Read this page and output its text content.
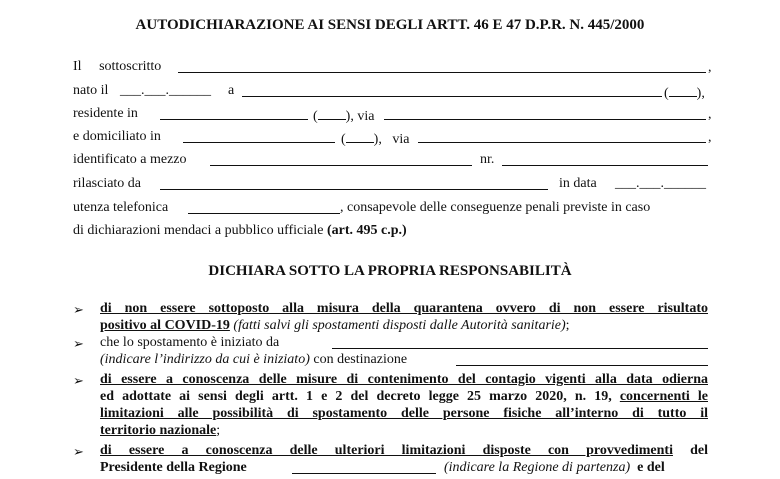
AUTODICHIARAZIONE AI SENSI DEGLI ARTT. 46 E 47 D.P.R. N. 445/2000
Il sottoscritto	,
nato il ___.___.______ a	( ),
residente in	( ), via	,
e domiciliato in	( ), via	,
identificato a mezzo	nr.
rilasciato da	in data ___.___.______
utenza telefonica	, consapevole delle conseguenze penali previste in caso
di dichiarazioni mendaci a pubblico ufficiale (art. 495 c.p.)
DICHIARA SOTTO LA PROPRIA RESPONSABILITÀ
➢ di non essere sottoposto alla misura della quarantena ovvero di non essere risultato
positivo al COVID-19 (fatti salvi gli spostamenti disposti dalle Autorità sanitarie);
➢ che lo spostamento è iniziato da
(indicare l’indirizzo da cui è iniziato) con destinazione
➢ di essere a conoscenza delle misure di contenimento del contagio vigenti alla data odierna
ed adottate ai sensi degli artt. 1 e 2 del decreto legge 25 marzo 2020, n. 19, concernenti le
limitazioni alle possibilità di spostamento delle persone fisiche all’interno di tutto il
territorio nazionale;
➢ di essere a conoscenza delle ulteriori limitazioni disposte con provvedimenti del
Presidente della Regione	(indicare la Regione di partenza) e del
